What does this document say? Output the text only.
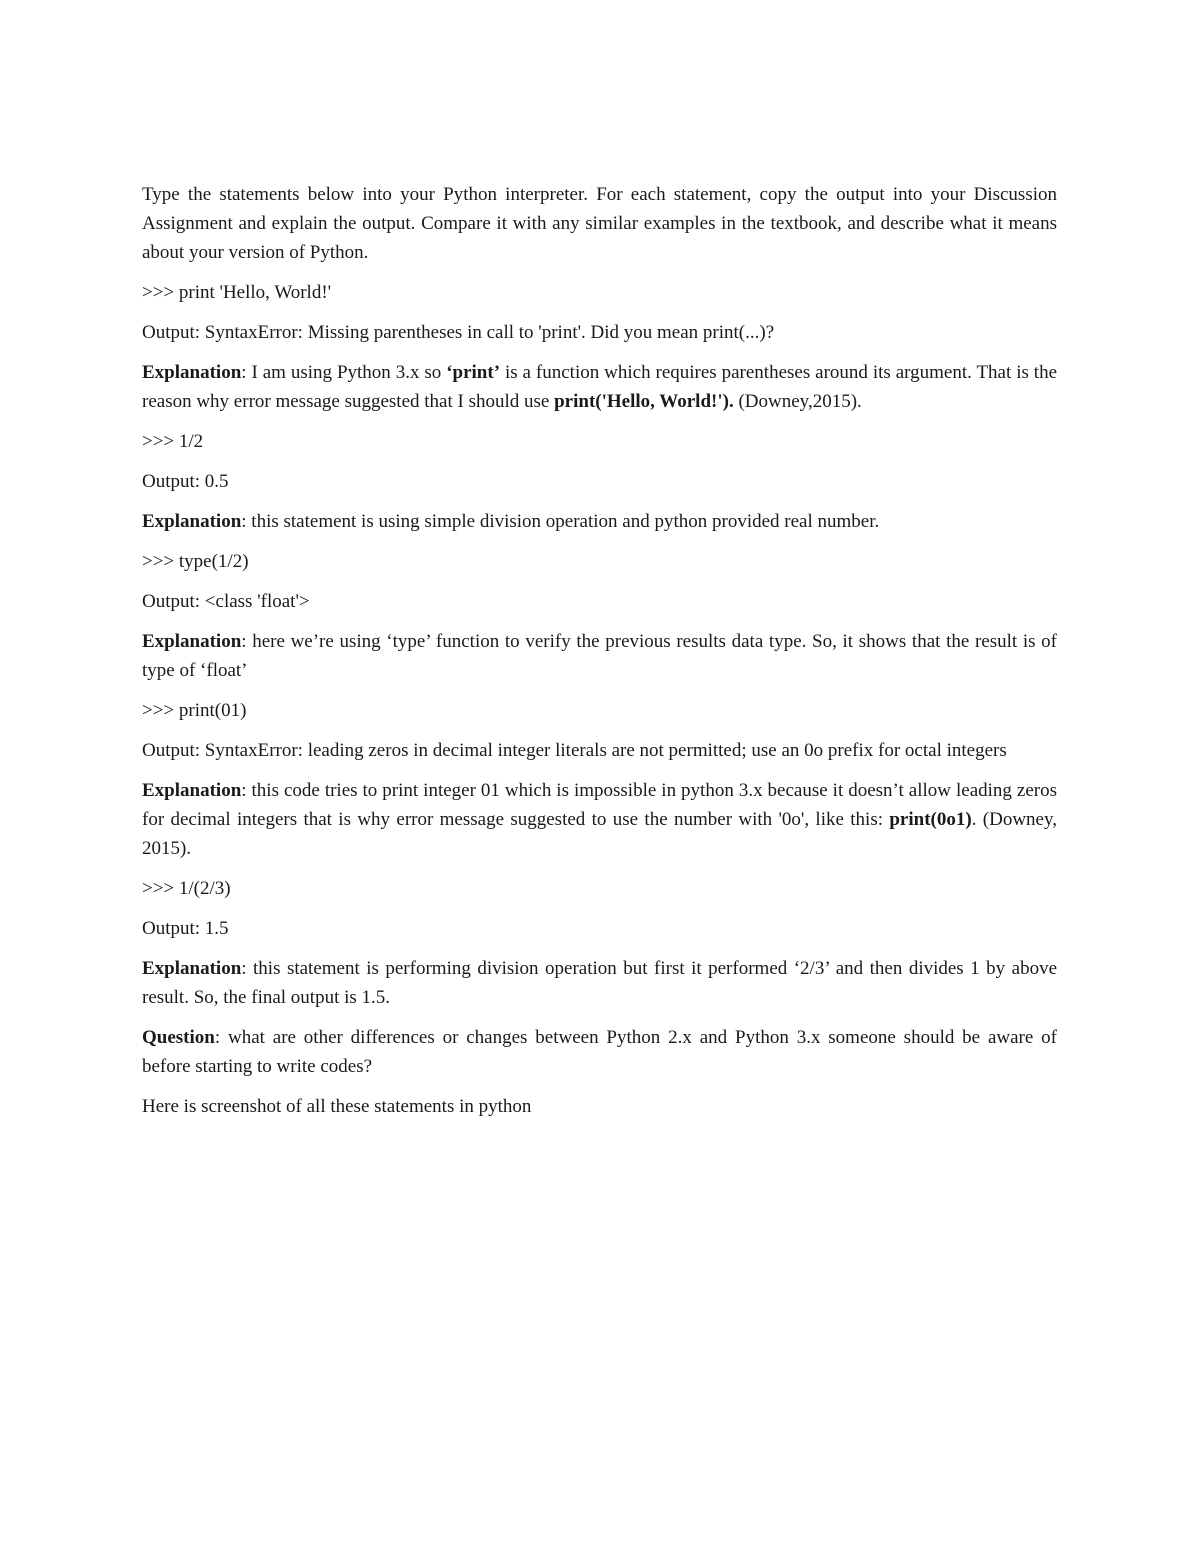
Type the statements below into your Python interpreter. For each statement, copy the output into your Discussion Assignment and explain the output. Compare it with any similar examples in the textbook, and describe what it means about your version of Python.

>>> print 'Hello, World!'

Output: SyntaxError: Missing parentheses in call to 'print'. Did you mean print(...)?

Explanation: I am using Python 3.x so ‘print’ is a function which requires parentheses around its argument. That is the reason why error message suggested that I should use print('Hello, World!'). (Downey,2015).

>>> 1/2

Output: 0.5

Explanation: this statement is using simple division operation and python provided real number.

>>> type(1/2)

Output: <class 'float'>

Explanation: here we’re using ‘type’ function to verify the previous results data type. So, it shows that the result is of type of ‘float’

>>> print(01)

Output: SyntaxError: leading zeros in decimal integer literals are not permitted; use an 0o prefix for octal integers

Explanation: this code tries to print integer 01 which is impossible in python 3.x because it doesn’t allow leading zeros for decimal integers that is why error message suggested to use the number with '0o', like this: print(0o1). (Downey, 2015).

>>> 1/(2/3)

Output: 1.5

Explanation: this statement is performing division operation but first it performed ‘2/3’ and then divides 1 by above result. So, the final output is 1.5.

Question: what are other differences or changes between Python 2.x and Python 3.x someone should be aware of before starting to write codes?

Here is screenshot of all these statements in python
